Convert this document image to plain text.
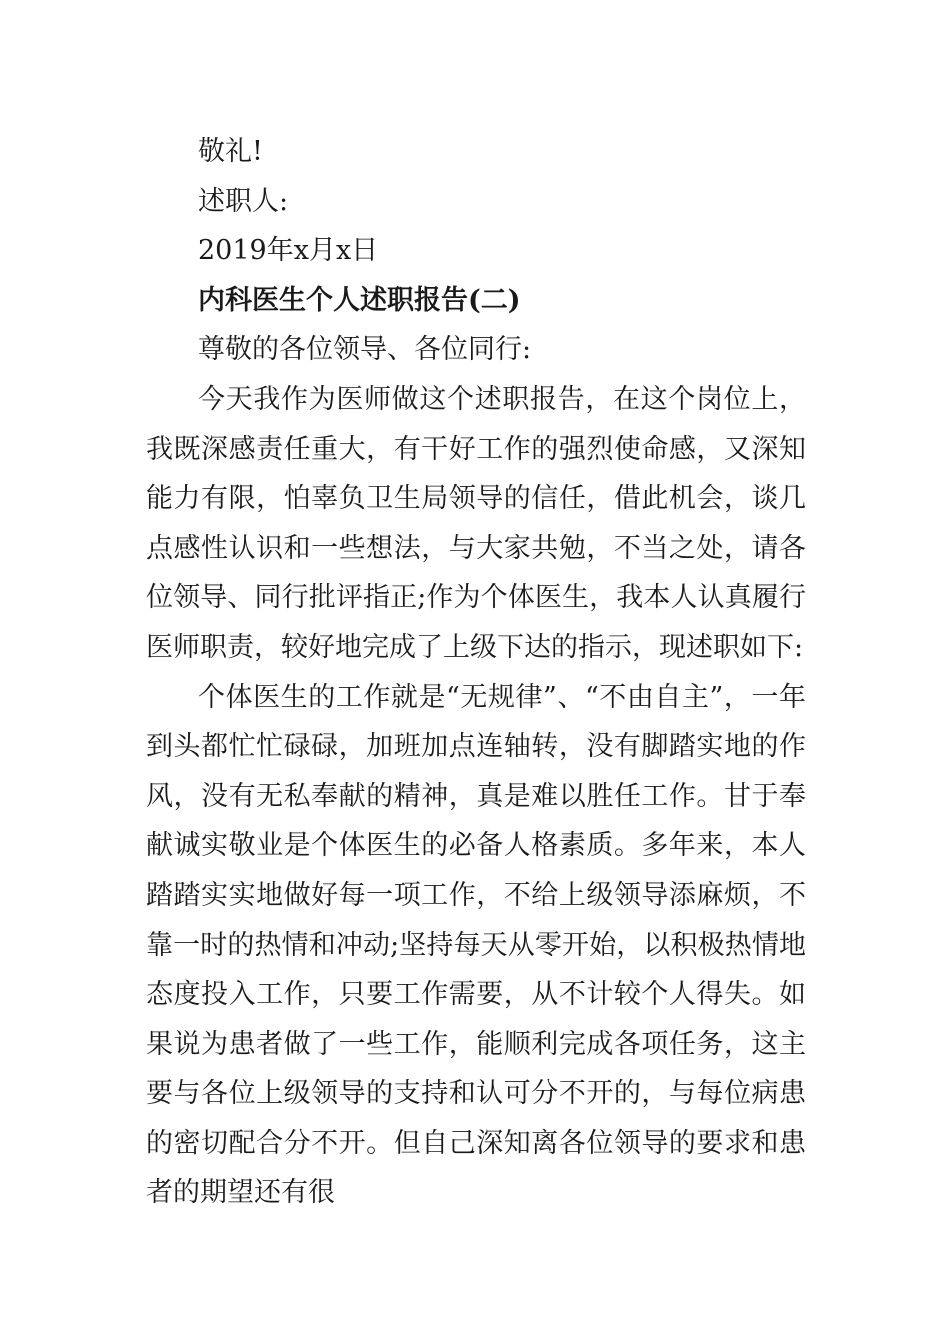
敬礼!

述职人:

2019年x月x日

内科医生个人述职报告(二)

尊敬的各位领导、各位同行:

今天我作为医师做这个述职报告，在这个岗位上，我既深感责任重大，有干好工作的强烈使命感，又深知能力有限，怕辜负卫生局领导的信任，借此机会，谈几点感性认识和一些想法，与大家共勉，不当之处，请各位领导、同行批评指正;作为个体医生，我本人认真履行医师职责，较好地完成了上级下达的指示，现述职如下:

个体医生的工作就是“无规律”、“不由自主”，一年到头都忙忙碌碌，加班加点连轴转，没有脚踏实地的作风，没有无私奉献的精神，真是难以胜任工作。甘于奉献诚实敬业是个体医生的必备人格素质。多年来，本人踏踏实实地做好每一项工作，不给上级领导添麻烦，不靠一时的热情和冲动;坚持每天从零开始，以积极热情地态度投入工作，只要工作需要，从不计较个人得失。如果说为患者做了一些工作，能顺利完成各项任务，这主要与各位上级领导的支持和认可分不开的，与每位病患的密切配合分不开。但自己深知离各位领导的要求和患者的期望还有很
